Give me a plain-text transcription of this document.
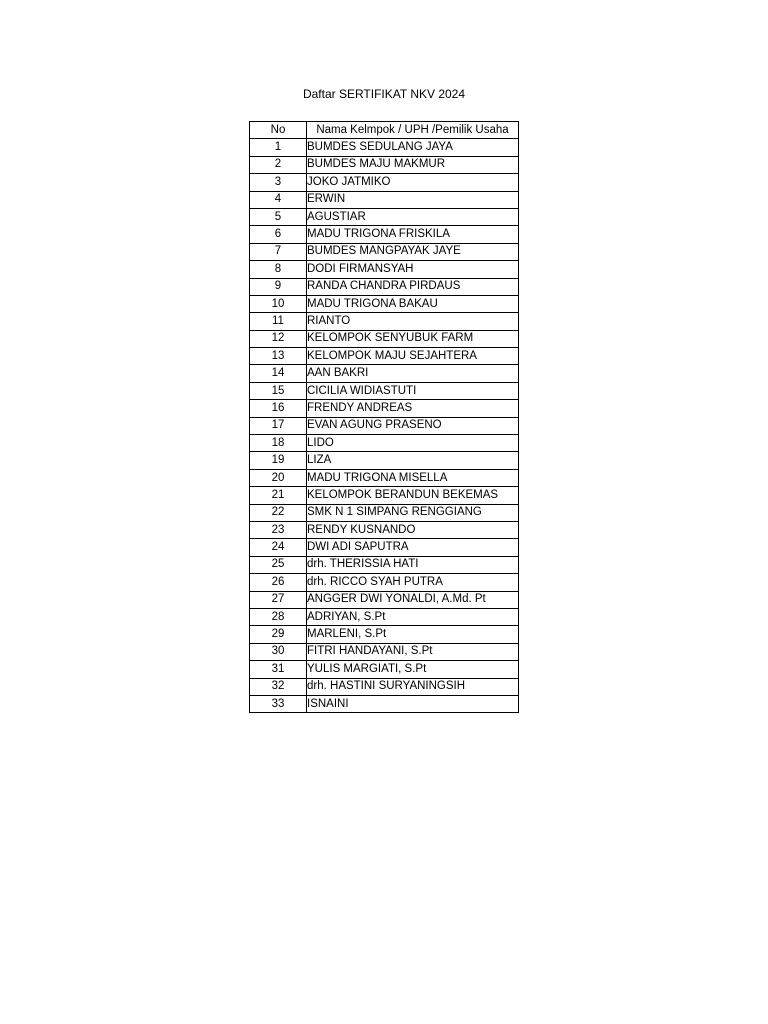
Daftar SERTIFIKAT NKV 2024
No	Nama Kelmpok / UPH /Pemilik Usaha
1	BUMDES SEDULANG JAYA
2	BUMDES MAJU MAKMUR
3	JOKO JATMIKO
4	ERWIN
5	AGUSTIAR
6	MADU TRIGONA FRISKILA
7	BUMDES MANGPAYAK JAYE
8	DODI FIRMANSYAH
9	RANDA CHANDRA PIRDAUS
10	MADU TRIGONA BAKAU
11	RIANTO
12	KELOMPOK SENYUBUK FARM
13	KELOMPOK MAJU SEJAHTERA
14	AAN BAKRI
15	CICILIA WIDIASTUTI
16	FRENDY ANDREAS
17	EVAN AGUNG PRASENO
18	LIDO
19	LIZA
20	MADU TRIGONA MISELLA
21	KELOMPOK BERANDUN BEKEMAS
22	SMK N 1 SIMPANG RENGGIANG
23	RENDY KUSNANDO
24	DWI ADI SAPUTRA
25	drh. THERISSIA HATI
26	drh. RICCO SYAH PUTRA
27	ANGGER DWI YONALDI, A.Md. Pt
28	ADRIYAN, S.Pt
29	MARLENI, S.Pt
30	FITRI HANDAYANI, S.Pt
31	YULIS MARGIATI, S.Pt
32	drh. HASTINI SURYANINGSIH
33	ISNAINI
